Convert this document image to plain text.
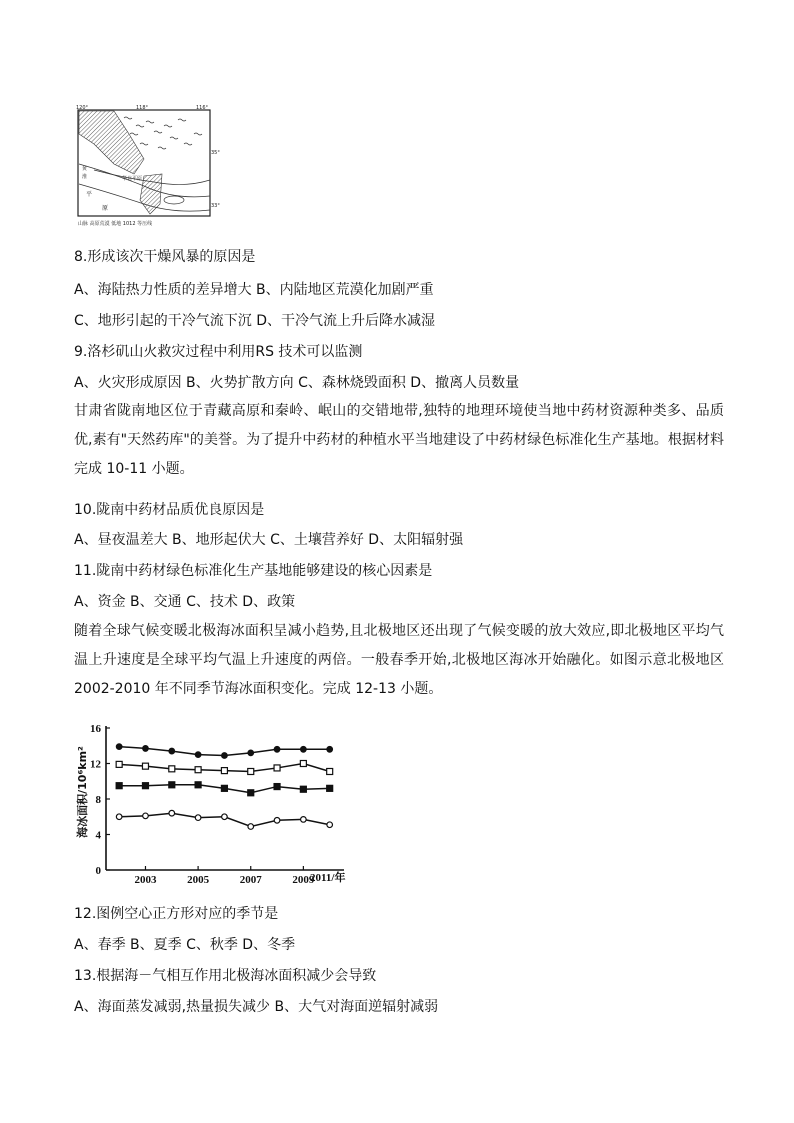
120°	118°	116°
35°
33°
华北平原
平
原
黄
淮
山脉 高原荒漠 低地 1012 等压线
8.形成该次干燥风暴的原因是
A、海陆热力性质的差异增大 B、内陆地区荒漠化加剧严重
C、地形引起的干冷气流下沉 D、干冷气流上升后降水减湿
9.洛杉矶山火救灾过程中利用RS 技术可以监测
A、火灾形成原因 B、火势扩散方向 C、森林烧毁面积 D、撤离人员数量
甘肃省陇南地区位于青藏高原和秦岭、岷山的交错地带,独特的地理环境使当地中药材资源种类多、品质优,素有"天然药库"的美誉。为了提升中药材的种植水平当地建设了中药材绿色标准化生产基地。根据材料完成 10-11 小题。
10.陇南中药材品质优良原因是
A、昼夜温差大 B、地形起伏大 C、土壤营养好 D、太阳辐射强
11.陇南中药材绿色标准化生产基地能够建设的核心因素是
A、资金 B、交通 C、技术 D、政策
随着全球气候变暖北极海冰面积呈减小趋势,且北极地区还出现了气候变暖的放大效应,即北极地区平均气温上升速度是全球平均气温上升速度的两倍。一般春季开始,北极地区海冰开始融化。如图示意北极地区 2002-2010 年不同季节海冰面积变化。完成 12-13 小题。
海冰面积/10⁶km²
2011/年
0
4
8
12
16
2003	2005	2007	2009
12.图例空心正方形对应的季节是
A、春季 B、夏季 C、秋季 D、冬季
13.根据海－气相互作用北极海冰面积减少会导致
A、海面蒸发减弱,热量损失减少 B、大气对海面逆辐射减弱
